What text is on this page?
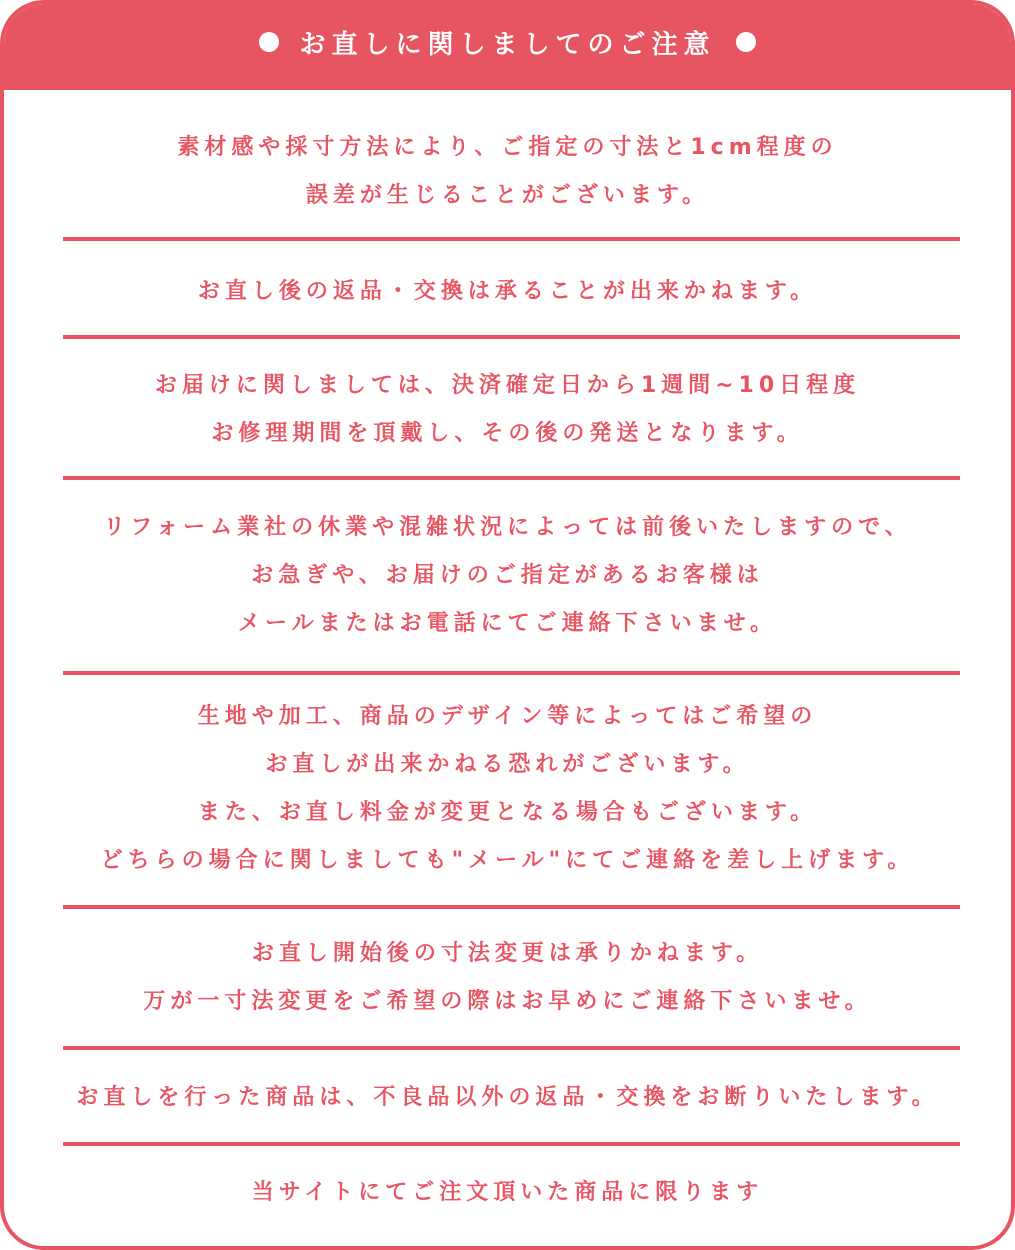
お直しに関しましてのご注意
素材感や採寸方法により、ご指定の寸法と1cm程度の
誤差が生じることがございます。
お直し後の返品・交換は承ることが出来かねます。
お届けに関しましては、決済確定日から1週間~10日程度
お修理期間を頂戴し、その後の発送となります。
リフォーム業社の休業や混雑状況によっては前後いたしますので、
お急ぎや、お届けのご指定があるお客様は
メールまたはお電話にてご連絡下さいませ。
生地や加工、商品のデザイン等によってはご希望の
お直しが出来かねる恐れがございます。
また、お直し料金が変更となる場合もございます。
どちらの場合に関しましても"メール"にてご連絡を差し上げます。
お直し開始後の寸法変更は承りかねます。
万が一寸法変更をご希望の際はお早めにご連絡下さいませ。
お直しを行った商品は、不良品以外の返品・交換をお断りいたします。
当サイトにてご注文頂いた商品に限ります
